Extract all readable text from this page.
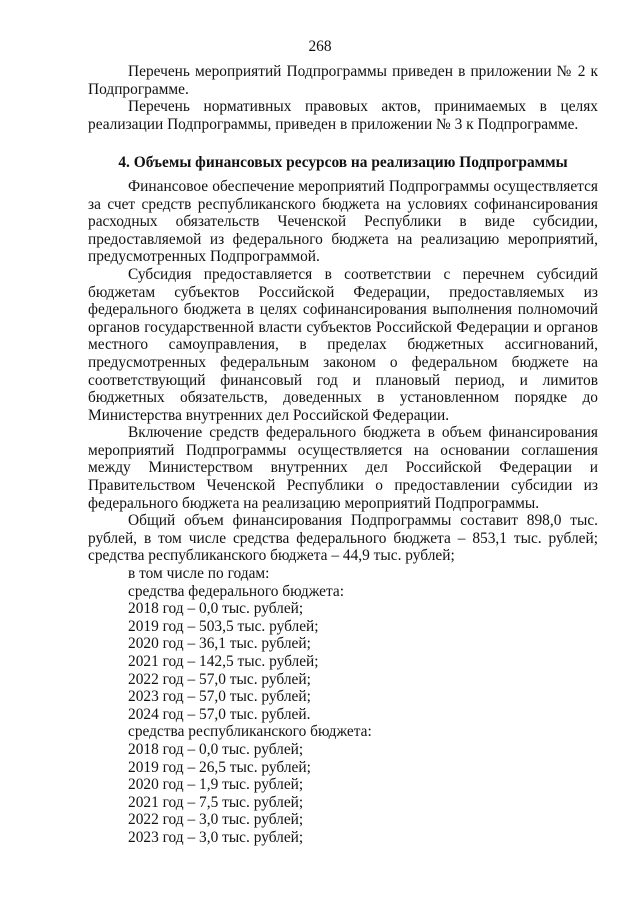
268

Перечень мероприятий Подпрограммы приведен в приложении № 2 к Подпрограмме.

Перечень нормативных правовых актов, принимаемых в целях реализации Подпрограммы, приведен в приложении № 3 к Подпрограмме.

4. Объемы финансовых ресурсов на реализацию Подпрограммы

Финансовое обеспечение мероприятий Подпрограммы осуществляется за счет средств республиканского бюджета на условиях софинансирования расходных обязательств Чеченской Республики в виде субсидии, предоставляемой из федерального бюджета на реализацию мероприятий, предусмотренных Подпрограммой.

Субсидия предоставляется в соответствии с перечнем субсидий бюджетам субъектов Российской Федерации, предоставляемых из федерального бюджета в целях софинансирования выполнения полномочий органов государственной власти субъектов Российской Федерации и органов местного самоуправления, в пределах бюджетных ассигнований, предусмотренных федеральным законом о федеральном бюджете на соответствующий финансовый год и плановый период, и лимитов бюджетных обязательств, доведенных в установленном порядке до Министерства внутренних дел Российской Федерации.

Включение средств федерального бюджета в объем финансирования мероприятий Подпрограммы осуществляется на основании соглашения между Министерством внутренних дел Российской Федерации и Правительством Чеченской Республики о предоставлении субсидии из федерального бюджета на реализацию мероприятий Подпрограммы.

Общий объем финансирования Подпрограммы составит 898,0 тыс. рублей, в том числе средства федерального бюджета – 853,1 тыс. рублей; средства республиканского бюджета – 44,9 тыс. рублей;

в том числе по годам:

средства федерального бюджета:

2018 год – 0,0 тыс. рублей;

2019 год – 503,5 тыс. рублей;

2020 год – 36,1 тыс. рублей;

2021 год – 142,5 тыс. рублей;

2022 год – 57,0 тыс. рублей;

2023 год – 57,0 тыс. рублей;

2024 год – 57,0 тыс. рублей.

средства республиканского бюджета:

2018 год – 0,0 тыс. рублей;

2019 год – 26,5 тыс. рублей;

2020 год – 1,9 тыс. рублей;

2021 год – 7,5 тыс. рублей;

2022 год – 3,0 тыс. рублей;

2023 год – 3,0 тыс. рублей;
